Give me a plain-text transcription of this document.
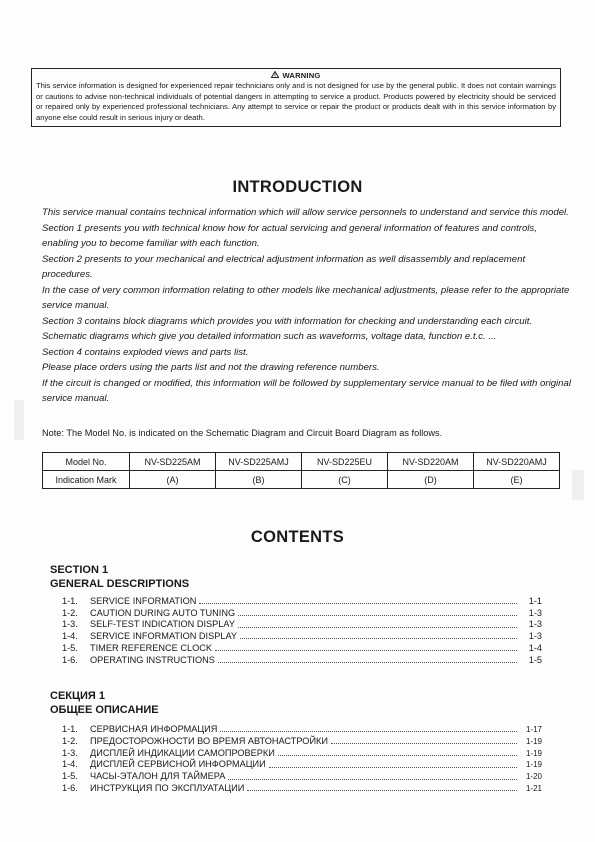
WARNING
This service information is designed for experienced repair technicians only and is not designed for use by the general public. It does not contain warnings or cautions to advise non-technical individuals of potential dangers in attempting to service a product. Products powered by electricity should be serviced or repaired only by experienced professional technicians. Any attempt to service or repair the product or products dealt with in this service information by anyone else could result in serious injury or death.
INTRODUCTION

This service manual contains technical information which will allow service personnels to understand and service this model.

Section 1 presents you with technical know how for actual servicing and general information of features and controls, enabling you to become familiar with each function.

Section 2 presents to your mechanical and electrical adjustment information as well disassembly and replacement procedures.

In the case of very common information relating to other models like mechanical adjustments, please refer to the appropriate service manual.

Section 3 contains block diagrams which provides you with information for checking and understanding each circuit. Schematic diagrams which give you detailed information such as waveforms, voltage data, function e.t.c. ...

Section 4 contains exploded views and parts list.

Please place orders using the parts list and not the drawing reference numbers.

If the circuit is changed or modified, this information will be followed by supplementary service manual to be filed with original service manual.

Note: The Model No. is indicated on the Schematic Diagram and Circuit Board Diagram as follows.
Model No.	NV-SD225AM	NV-SD225AMJ	NV-SD225EU	NV-SD220AM	NV-SD220AMJ
Indication Mark	(A)	(B)	(C)	(D)	(E)
CONTENTS
SECTION 1
GENERAL DESCRIPTIONS
1-1.	SERVICE INFORMATION	1-1
1-2.	CAUTION DURING AUTO TUNING	1-3
1-3.	SELF-TEST INDICATION DISPLAY	1-3
1-4.	SERVICE INFORMATION DISPLAY	1-3
1-5.	TIMER REFERENCE CLOCK	1-4
1-6.	OPERATING INSTRUCTIONS	1-5
СЕКЦИЯ 1
ОБЩЕЕ ОПИСАНИЕ
1-1.	СЕРВИСНАЯ ИНФОРМАЦИЯ	1-17
1-2.	ПРЕДОСТОРОЖНОСТИ ВО ВРЕМЯ АВТОНАСТРОЙКИ	1-19
1-3.	ДИСПЛЕЙ ИНДИКАЦИИ САМОПРОВЕРКИ	1-19
1-4.	ДИСПЛЕЙ СЕРВИСНОЙ ИНФОРМАЦИИ	1-19
1-5.	ЧАСЫ-ЭТАЛОН ДЛЯ ТАЙМЕРА	1-20
1-6.	ИНСТРУКЦИЯ ПО ЭКСПЛУАТАЦИИ	1-21
